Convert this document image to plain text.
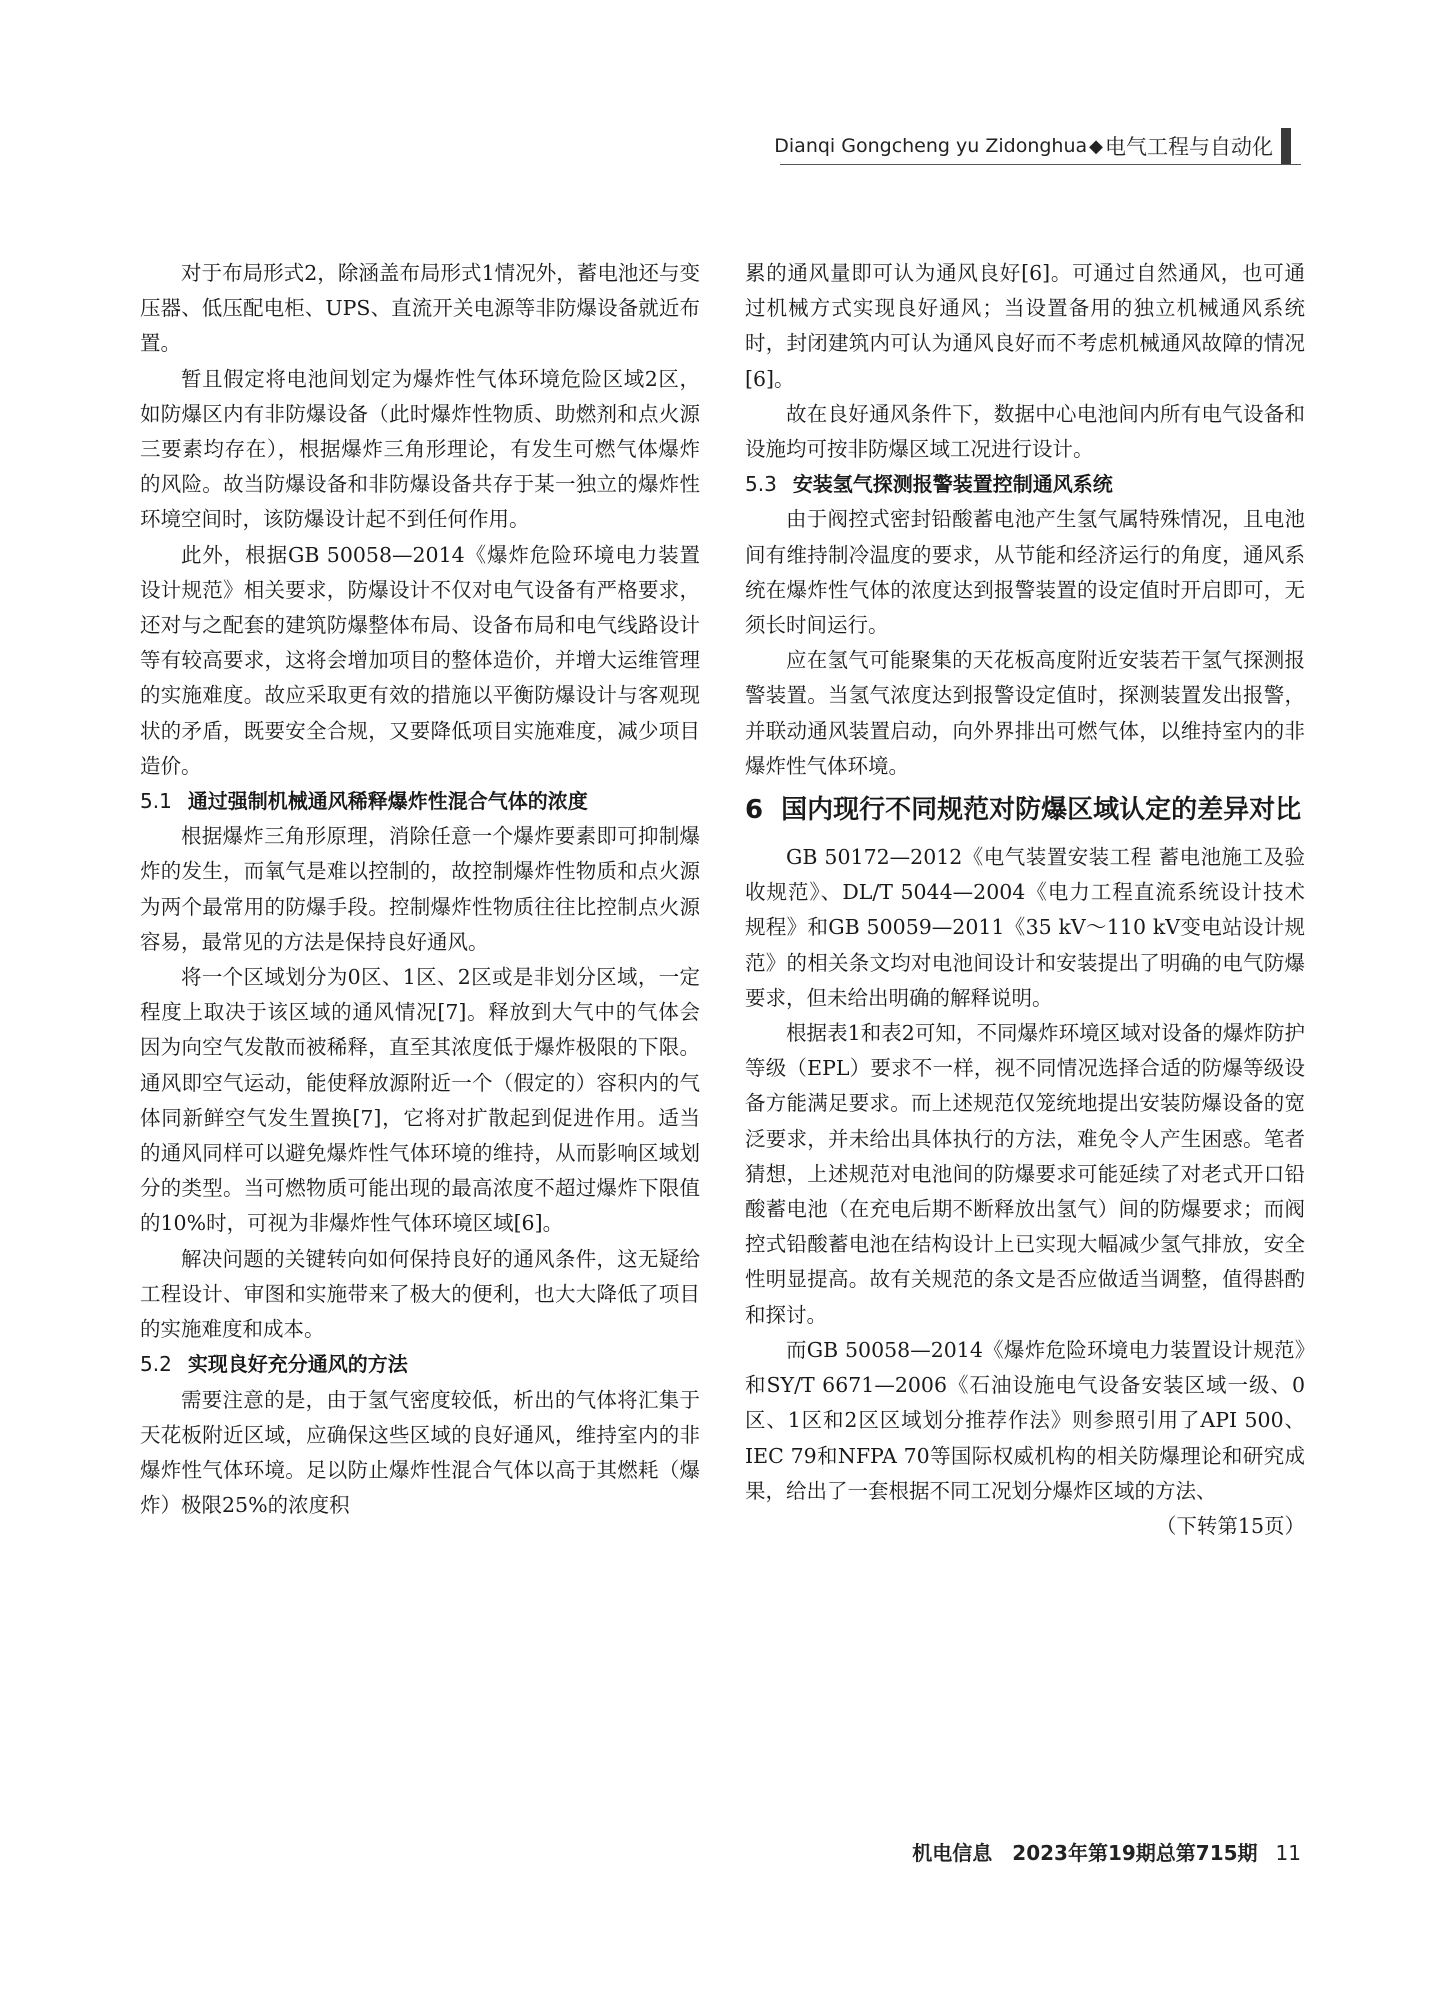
Dianqi Gongcheng yu Zidonghua ◆ 电气工程与自动化

对于布局形式2，除涵盖布局形式1情况外，蓄电池还与变压器、低压配电柜、UPS、直流开关电源等非防爆设备就近布置。

暂且假定将电池间划定为爆炸性气体环境危险区域2区，如防爆区内有非防爆设备（此时爆炸性物质、助燃剂和点火源三要素均存在），根据爆炸三角形理论，有发生可燃气体爆炸的风险。故当防爆设备和非防爆设备共存于某一独立的爆炸性环境空间时，该防爆设计起不到任何作用。

此外，根据GB 50058—2014《爆炸危险环境电力装置设计规范》相关要求，防爆设计不仅对电气设备有严格要求，还对与之配套的建筑防爆整体布局、设备布局和电气线路设计等有较高要求，这将会增加项目的整体造价，并增大运维管理的实施难度。故应采取更有效的措施以平衡防爆设计与客观现状的矛盾，既要安全合规，又要降低项目实施难度，减少项目造价。

5.1 通过强制机械通风稀释爆炸性混合气体的浓度

根据爆炸三角形原理，消除任意一个爆炸要素即可抑制爆炸的发生，而氧气是难以控制的，故控制爆炸性物质和点火源为两个最常用的防爆手段。控制爆炸性物质往往比控制点火源容易，最常见的方法是保持良好通风。

将一个区域划分为0区、1区、2区或是非划分区域，一定程度上取决于该区域的通风情况[7]。释放到大气中的气体会因为向空气发散而被稀释，直至其浓度低于爆炸极限的下限。通风即空气运动，能使释放源附近一个（假定的）容积内的气体同新鲜空气发生置换[7]，它将对扩散起到促进作用。适当的通风同样可以避免爆炸性气体环境的维持，从而影响区域划分的类型。当可燃物质可能出现的最高浓度不超过爆炸下限值的10%时，可视为非爆炸性气体环境区域[6]。

解决问题的关键转向如何保持良好的通风条件，这无疑给工程设计、审图和实施带来了极大的便利，也大大降低了项目的实施难度和成本。

5.2 实现良好充分通风的方法

需要注意的是，由于氢气密度较低，析出的气体将汇集于天花板附近区域，应确保这些区域的良好通风，维持室内的非爆炸性气体环境。足以防止爆炸性混合气体以高于其燃耗（爆炸）极限25%的浓度积

累的通风量即可认为通风良好[6]。可通过自然通风，也可通过机械方式实现良好通风；当设置备用的独立机械通风系统时，封闭建筑内可认为通风良好而不考虑机械通风故障的情况[6]。

故在良好通风条件下，数据中心电池间内所有电气设备和设施均可按非防爆区域工况进行设计。

5.3 安装氢气探测报警装置控制通风系统

由于阀控式密封铅酸蓄电池产生氢气属特殊情况，且电池间有维持制冷温度的要求，从节能和经济运行的角度，通风系统在爆炸性气体的浓度达到报警装置的设定值时开启即可，无须长时间运行。

应在氢气可能聚集的天花板高度附近安装若干氢气探测报警装置。当氢气浓度达到报警设定值时，探测装置发出报警，并联动通风装置启动，向外界排出可燃气体，以维持室内的非爆炸性气体环境。

6 国内现行不同规范对防爆区域认定的差异对比

GB 50172—2012《电气装置安装工程 蓄电池施工及验收规范》、DL/T 5044—2004《电力工程直流系统设计技术规程》和GB 50059—2011《35 kV～110 kV变电站设计规范》的相关条文均对电池间设计和安装提出了明确的电气防爆要求，但未给出明确的解释说明。

根据表1和表2可知，不同爆炸环境区域对设备的爆炸防护等级（EPL）要求不一样，视不同情况选择合适的防爆等级设备方能满足要求。而上述规范仅笼统地提出安装防爆设备的宽泛要求，并未给出具体执行的方法，难免令人产生困惑。笔者猜想，上述规范对电池间的防爆要求可能延续了对老式开口铅酸蓄电池（在充电后期不断释放出氢气）间的防爆要求；而阀控式铅酸蓄电池在结构设计上已实现大幅减少氢气排放，安全性明显提高。故有关规范的条文是否应做适当调整，值得斟酌和探讨。

而GB 50058—2014《爆炸危险环境电力装置设计规范》和SY/T 6671—2006《石油设施电气设备安装区域一级、0区、1区和2区区域划分推荐作法》则参照引用了API 500、IEC 79和NFPA 70等国际权威机构的相关防爆理论和研究成果，给出了一套根据不同工况划分爆炸区域的方法、
（下转第15页）

机电信息　2023年第19期总第715期 11
